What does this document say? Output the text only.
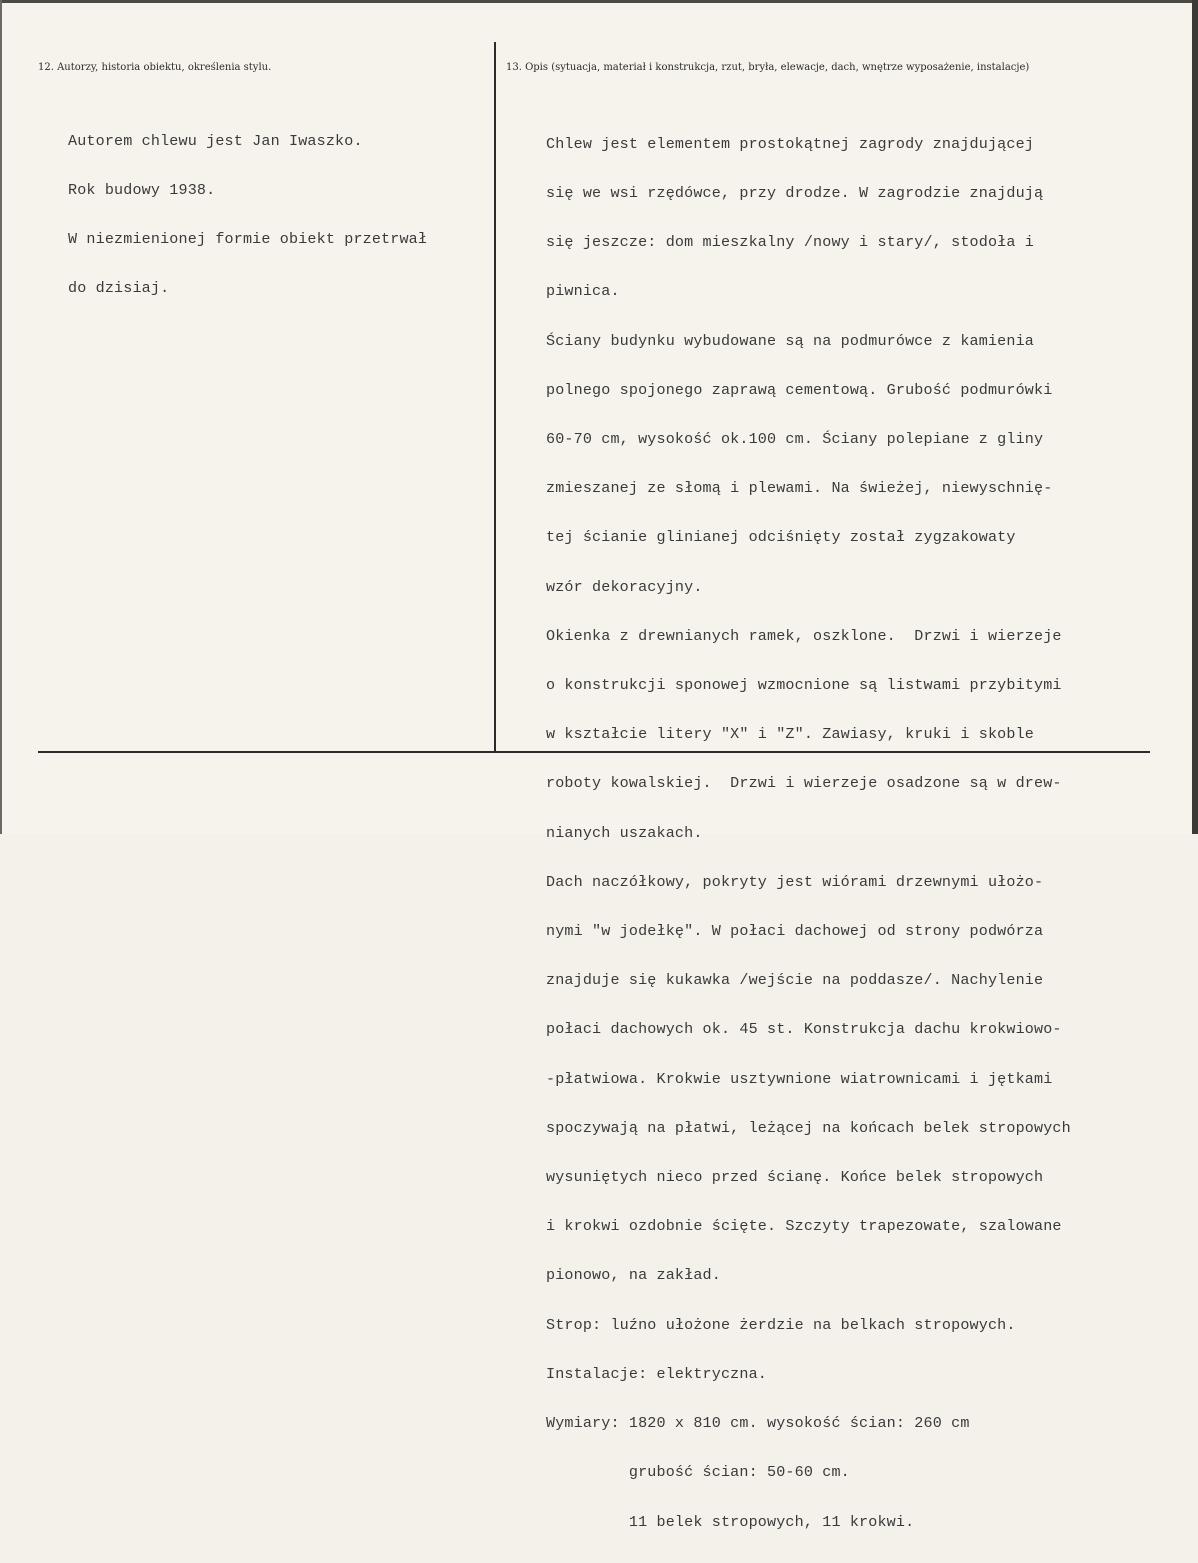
12. Autorzy, historia obiektu, określenia stylu.	13. Opis (sytuacja, materiał i konstrukcja, rzut, bryła, elewacje, dach, wnętrze wyposażenie, instalacje)

Autorem chlewu jest Jan Iwaszko.

Rok budowy 1938.

W niezmienionej formie obiekt przetrwał

do dzisiaj.

Chlew jest elementem prostokątnej zagrody znajdującej

się we wsi rzędówce, przy drodze. W zagrodzie znajdują

się jeszcze: dom mieszkalny /nowy i stary/, stodoła i

piwnica.

Ściany budynku wybudowane są na podmurówce z kamienia

polnego spojonego zaprawą cementową. Grubość podmurówki

60-70 cm, wysokość ok.100 cm. Ściany polepiane z gliny

zmieszanej ze słomą i plewami. Na świeżej, niewyschnię-

tej ścianie glinianej odciśnięty został zygzakowaty

wzór dekoracyjny.

Okienka z drewnianych ramek, oszklone.  Drzwi i wierzeje

o konstrukcji sponowej wzmocnione są listwami przybitymi

w kształcie litery "X" i "Z". Zawiasy, kruki i skoble

roboty kowalskiej.  Drzwi i wierzeje osadzone są w drew-

nianych uszakach.

Dach naczółkowy, pokryty jest wiórami drzewnymi ułożo-

nymi "w jodełkę". W połaci dachowej od strony podwórza

znajduje się kukawka /wejście na poddasze/. Nachylenie

połaci dachowych ok. 45 st. Konstrukcja dachu krokwiowo-

-płatwiowa. Krokwie usztywnione wiatrownicami i jętkami

spoczywają na płatwi, leżącej na końcach belek stropowych

wysuniętych nieco przed ścianę. Końce belek stropowych

i krokwi ozdobnie ścięte. Szczyty trapezowate, szalowane

pionowo, na zakład.

Strop: luźno ułożone żerdzie na belkach stropowych.

Instalacje: elektryczna.

Wymiary: 1820 x 810 cm. wysokość ścian: 260 cm

grubość ścian: 50-60 cm.

11 belek stropowych, 11 krokwi.
